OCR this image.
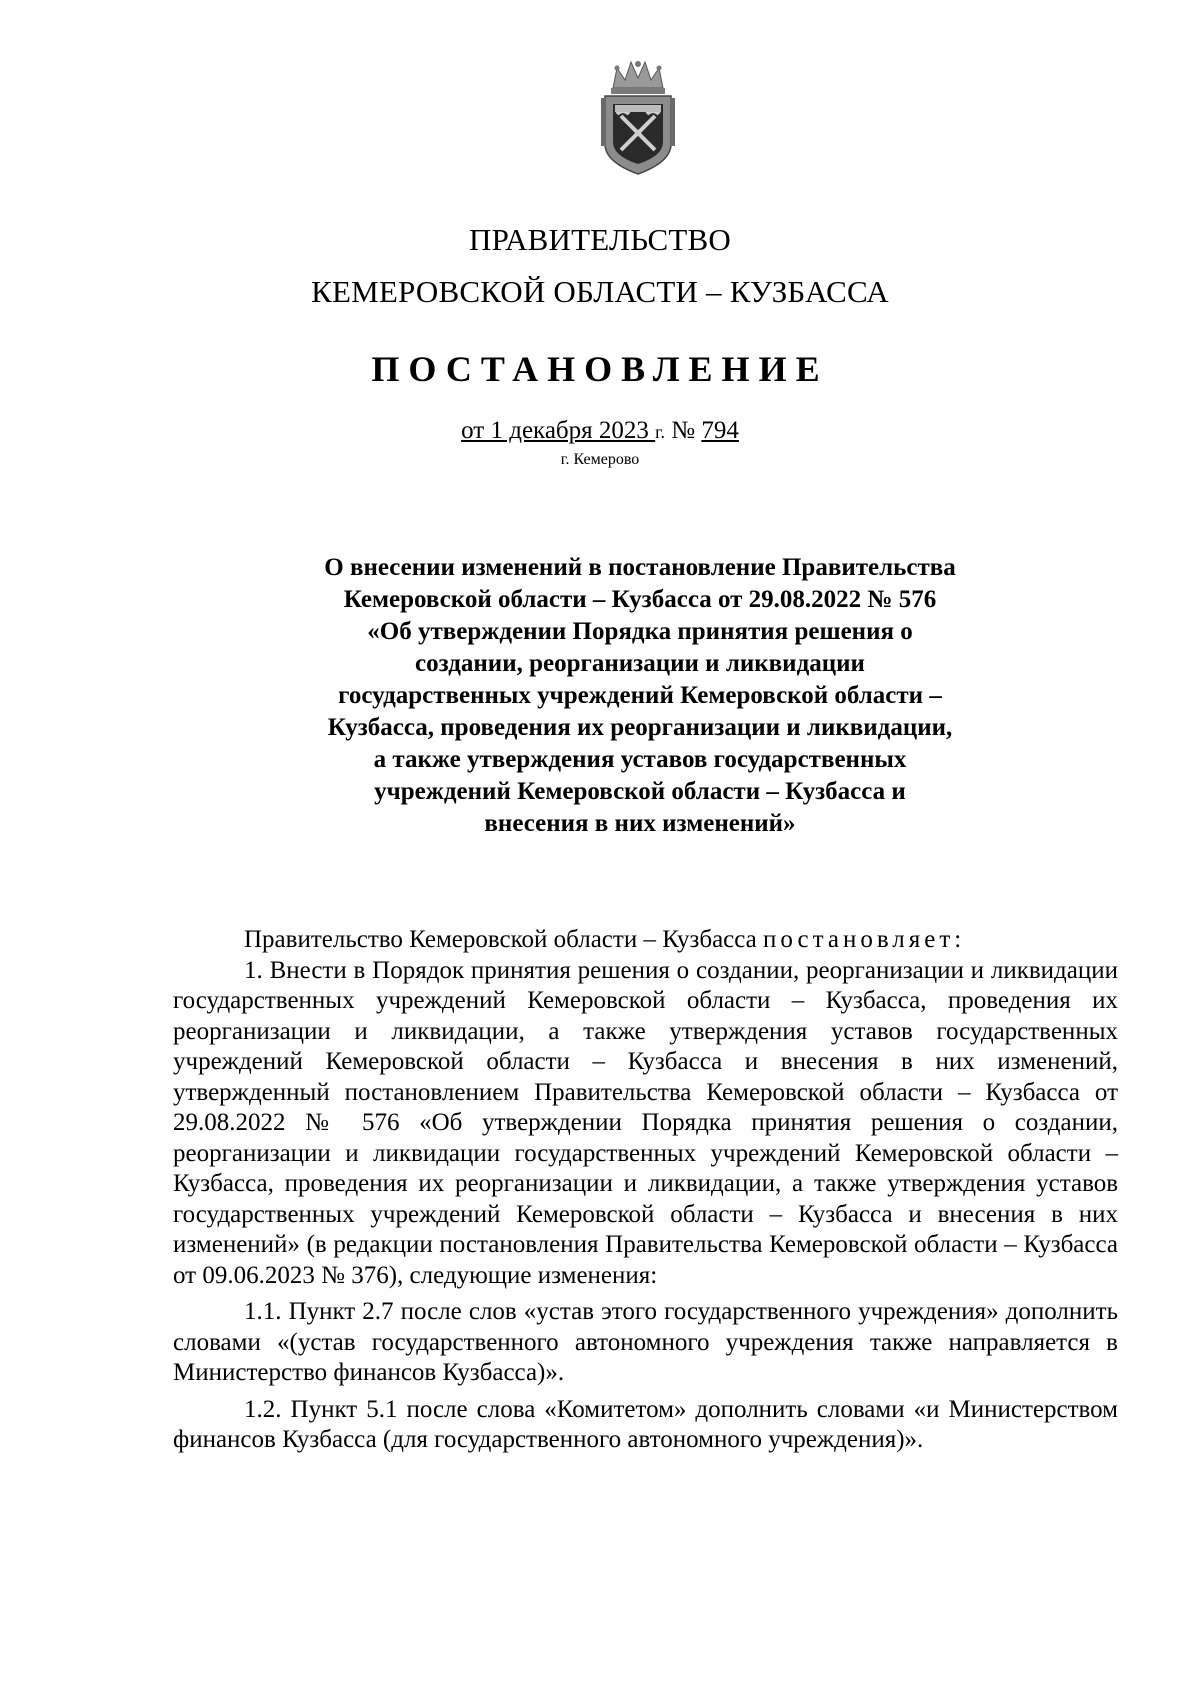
ПРАВИТЕЛЬСТВО
КЕМЕРОВСКОЙ ОБЛАСТИ – КУЗБАССА
ПОСТАНОВЛЕНИЕ
от 1 декабря 2023 г. № 794
г. Кемерово
О внесении изменений в постановление Правительства
Кемеровской области – Кузбасса от 29.08.2022 № 576
«Об утверждении Порядка принятия решения о
создании, реорганизации и ликвидации
государственных учреждений Кемеровской области –
Кузбасса, проведения их реорганизации и ликвидации,
а также утверждения уставов государственных
учреждений Кемеровской области – Кузбасса и
внесения в них изменений»

Правительство Кемеровской области – Кузбасса постановляет:

1. Внести в Порядок принятия решения о создании, реорганизации и ликвидации государственных учреждений Кемеровской области – Кузбасса, проведения их реорганизации и ликвидации, а также утверждения уставов государственных учреждений Кемеровской области – Кузбасса и внесения в них изменений, утвержденный постановлением Правительства Кемеровской области – Кузбасса от 29.08.2022 № 576 «Об утверждении Порядка принятия решения о создании, реорганизации и ликвидации государственных учреждений Кемеровской области – Кузбасса, проведения их реорганизации и ликвидации, а также утверждения уставов государственных учреждений Кемеровской области – Кузбасса и внесения в них изменений» (в редакции постановления Правительства Кемеровской области – Кузбасса от 09.06.2023 № 376), следующие изменения:

1.1. Пункт 2.7 после слов «устав этого государственного учреждения» дополнить словами «(устав государственного автономного учреждения также направляется в Министерство финансов Кузбасса)».

1.2. Пункт 5.1 после слова «Комитетом» дополнить словами «и Министерством финансов Кузбасса (для государственного автономного учреждения)».
